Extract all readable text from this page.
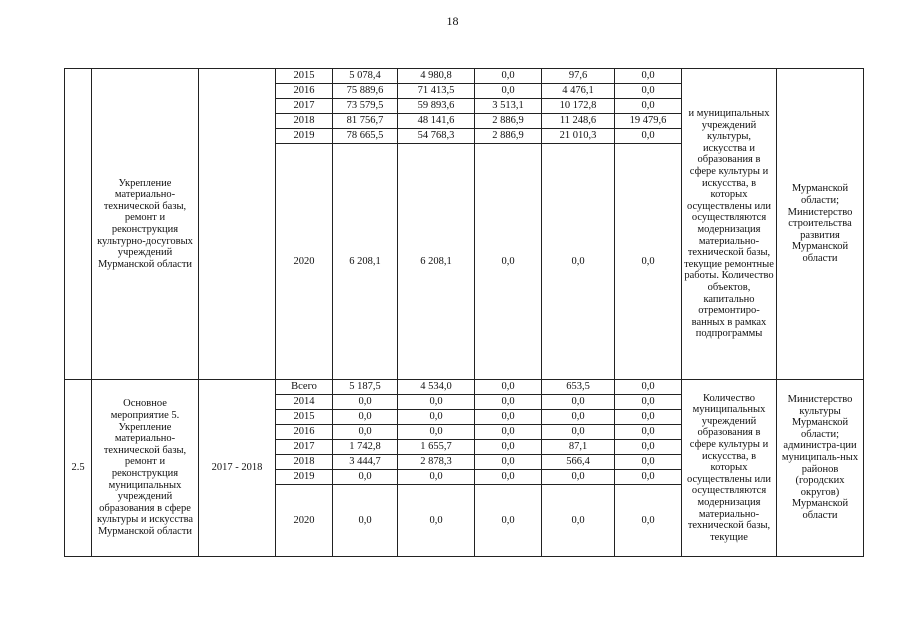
18
	Укрепление материально-технической базы, ремонт и реконструкция культурно-досуговых учреждений Мурманской области		2015	5 078,4	4 980,8	0,0	97,6	0,0	и муниципальных учреждений культуры, искусства и образования в сфере культуры и искусства, в которых осуществлены или осуществляются модернизация материально-технической базы, текущие ремонтные работы. Количество объектов, капитально отремонтиро-ванных в рамках подпрограммы	Мурманской области; Министерство строительства развития Мурманской области
			2016	75 889,6	71 413,5	0,0	4 476,1	0,0		
			2017	73 579,5	59 893,6	3 513,1	10 172,8	0,0		
			2018	81 756,7	48 141,6	2 886,9	11 248,6	19 479,6		
			2019	78 665,5	54 768,3	2 886,9	21 010,3	0,0		
			2020	6 208,1	6 208,1	0,0	0,0	0,0		
2.5	Основное мероприятие 5. Укрепление материально-технической базы, ремонт и реконструкция муниципальных учреждений образования в сфере культуры и искусства Мурманской области	2017 - 2018	Всего	5 187,5	4 534,0	0,0	653,5	0,0	Количество муниципальных учреждений образования в сфере культуры и искусства, в которых осуществлены или осуществляются модернизация материально-технической базы, текущие	Министерство культуры Мурманской области; администра-ции муниципаль-ных районов (городских округов) Мурманской области
			2014	0,0	0,0	0,0	0,0	0,0		
			2015	0,0	0,0	0,0	0,0	0,0		
			2016	0,0	0,0	0,0	0,0	0,0		
			2017	1 742,8	1 655,7	0,0	87,1	0,0		
			2018	3 444,7	2 878,3	0,0	566,4	0,0		
			2019	0,0	0,0	0,0	0,0	0,0		
			2020	0,0	0,0	0,0	0,0	0,0		
